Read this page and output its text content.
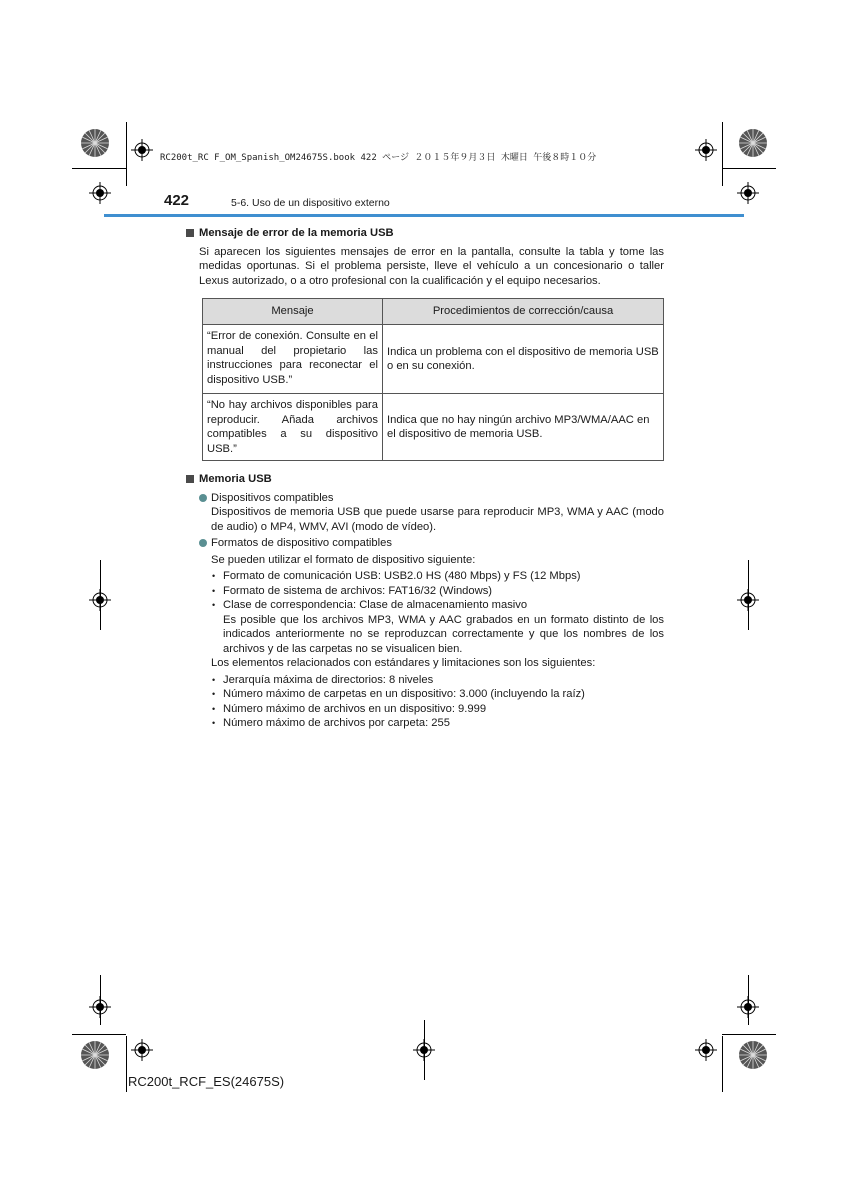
RC200t_RC F_OM_Spanish_OM24675S.book 422 ページ ２０１５年９月３日 木曜日 午後８時１０分
422	5-6. Uso de un dispositivo externo
Mensaje de error de la memoria USB

Si aparecen los siguientes mensajes de error en la pantalla, consulte la tabla y tome las medidas oportunas. Si el problema persiste, lleve el vehículo a un concesionario o taller Lexus autorizado, o a otro profesional con la cualificación y el equipo necesarios.

Mensaje	Procedimientos de corrección/causa
“Error de conexión. Consulte en el manual del propietario las instrucciones para reconectar el dispositivo USB.”	Indica un problema con el dispositivo de memoria USB o en su conexión.
“No hay archivos disponibles para reproducir. Añada archivos compatibles a su dispositivo USB.”	Indica que no hay ningún archivo MP3/WMA/AAC en el dispositivo de memoria USB.
Memoria USB
Dispositivos compatibles

Dispositivos de memoria USB que puede usarse para reproducir MP3, WMA y AAC (modo de audio) o MP4, WMV, AVI (modo de vídeo).

Formatos de dispositivo compatibles

Se pueden utilizar el formato de dispositivo siguiente:

• Formato de comunicación USB: USB2.0 HS (480 Mbps) y FS (12 Mbps)
• Formato de sistema de archivos: FAT16/32 (Windows)
• Clase de correspondencia: Clase de almacenamiento masivo

Es posible que los archivos MP3, WMA y AAC grabados en un formato distinto de los indicados anteriormente no se reproduzcan correctamente y que los nombres de los archivos y de las carpetas no se visualicen bien.

Los elementos relacionados con estándares y limitaciones son los siguientes:

• Jerarquía máxima de directorios: 8 niveles
• Número máximo de carpetas en un dispositivo: 3.000 (incluyendo la raíz)
• Número máximo de archivos en un dispositivo: 9.999
• Número máximo de archivos por carpeta: 255
RC200t_RCF_ES(24675S)
